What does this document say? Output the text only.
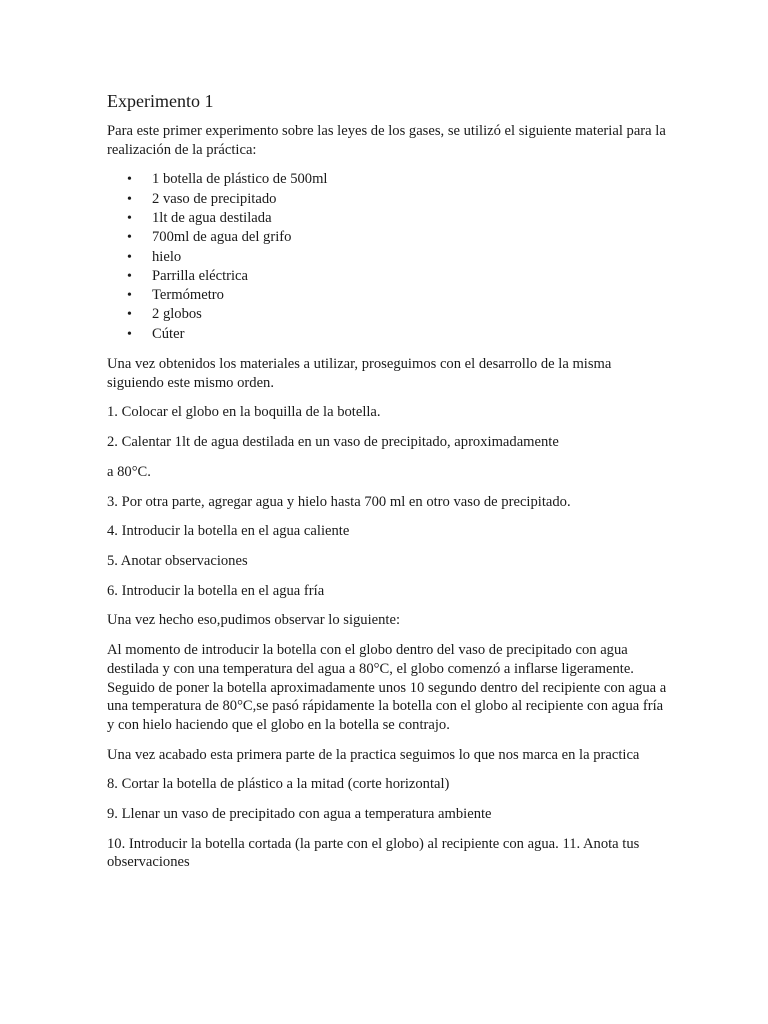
Experimento 1

Para este primer experimento sobre las leyes de los gases, se utilizó el siguiente material para la realización de la práctica:

• 1 botella de plástico de 500ml
• 2 vaso de precipitado
• 1lt de agua destilada
• 700ml de agua del grifo
• hielo
• Parrilla eléctrica
• Termómetro
• 2 globos
• Cúter

Una vez obtenidos los materiales a utilizar, proseguimos con el desarrollo de la misma siguiendo este mismo orden.

1. Colocar el globo en la boquilla de la botella.

2. Calentar 1lt de agua destilada en un vaso de precipitado, aproximadamente

a 80°C.

3. Por otra parte, agregar agua y hielo hasta 700 ml en otro vaso de precipitado.

4. Introducir la botella en el agua caliente

5. Anotar observaciones

6. Introducir la botella en el agua fría

Una vez hecho eso,pudimos observar lo siguiente:

Al momento de introducir la botella con el globo dentro del vaso de precipitado con agua destilada y con una temperatura del agua a 80°C, el globo comenzó a inflarse ligeramente. Seguido de poner la botella aproximadamente unos 10 segundo dentro del recipiente con agua a una temperatura de 80°C,se pasó rápidamente la botella con el globo al recipiente con agua fría y con hielo haciendo que el globo en la botella se contrajo.

Una vez acabado esta primera parte de la practica seguimos lo que nos marca en la practica

8. Cortar la botella de plástico a la mitad (corte horizontal)

9. Llenar un vaso de precipitado con agua a temperatura ambiente

10. Introducir la botella cortada (la parte con el globo) al recipiente con agua. 11. Anota tus observaciones
